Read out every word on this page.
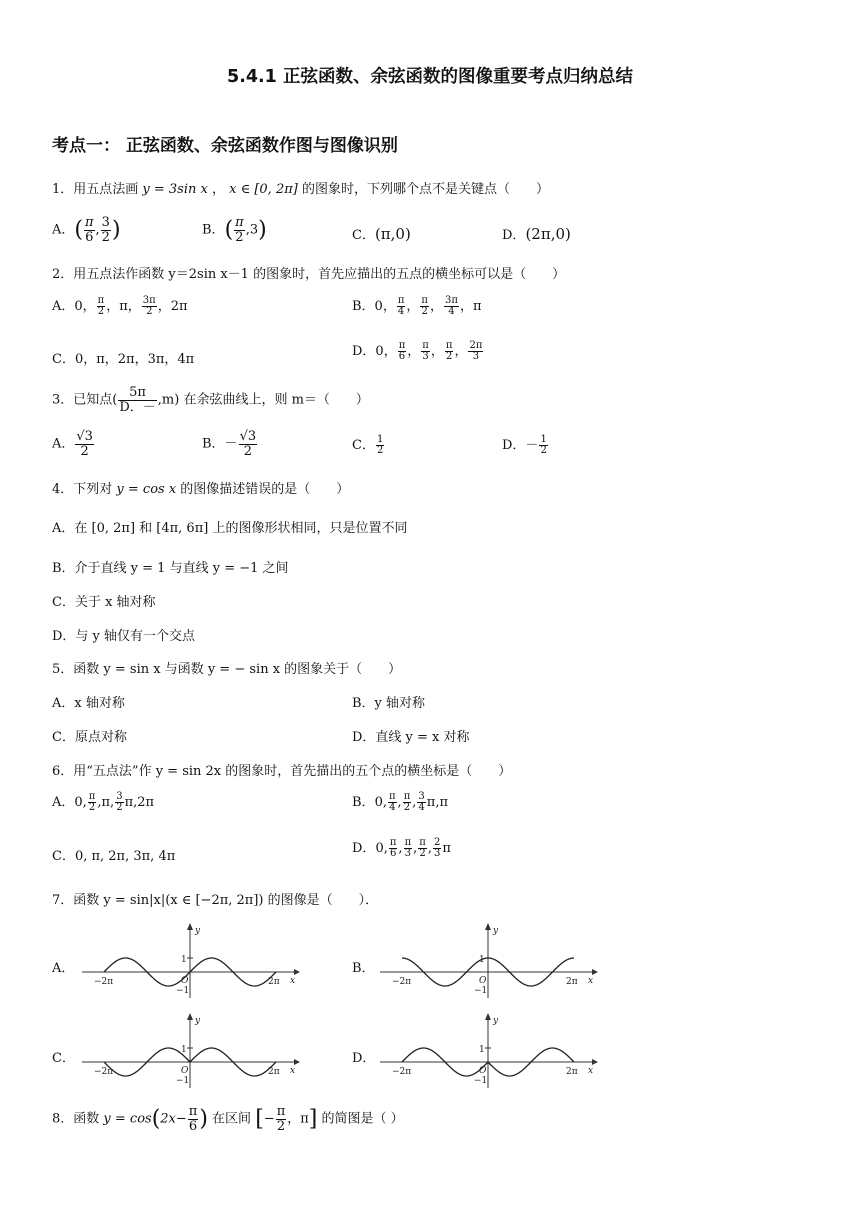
5.4.1 正弦函数、余弦函数的图像重要考点归纳总结
考点一： 正弦函数、余弦函数作图与图像识别
1．用五点法画 y = 3sin x ， x ∈ [0, 2π] 的图象时，下列哪个点不是关键点（　　）
A．( $\frac{\pi}{6}$ , $\frac{3}{2}$ )	B．( $\frac{\pi}{2} ,3$)	C．(π,0)	D．(2π,0)
2．用五点法作函数 y＝2sin x－1 的图象时，首先应描出的五点的横坐标可以是（　　）
A．0， $\frac{\pi}{2}$ ，π， $\frac{3\pi}{2}$ ，2π	B．0， $\frac{\pi}{4}$ ， $\frac{\pi}{2}$ ， $\frac{3\pi}{4}$ ，π
C．0，π，2π，3π，4π
D．0， $\frac{\pi}{6}$ ， $\frac{\pi}{3}$ ， $\frac{\pi}{2}$ ， $\frac{2\pi}{3}$
3．已知点( $\frac{5\pi}{D.-} ,m$) 在余弦曲线上，则 m＝（　　）
A． $\frac{√3}{2}$	B．－ $\frac{√3}{2}$	C． $\frac{1}{2}$	D．－ $\frac{1}{2}$
4．下列对 y = cos x 的图像描述错误的是（　　）
A．在 [0, 2π] 和 [4π, 6π] 上的图像形状相同，只是位置不同
B．介于直线 y = 1 与直线 y = −1 之间
C．关于 x 轴对称
D．与 y 轴仅有一个交点
5．函数 y = sin x 与函数 y = − sin x 的图象关于（　　）
A．x 轴对称	B．y 轴对称
C．原点对称	D．直线 y = x 对称
6．用“五点法”作 y = sin 2x 的图象时，首先描出的五个点的横坐标是（　　）
A．0, $\frac{\pi}{2} ,\pi$, $\frac{3}{2} \pi,2\pi$	B．0, $\frac{\pi}{4}$ , $\frac{\pi}{2}$ , $\frac{3}{4} \pi,\pi$
C．0, π, 2π, 3π, 4π
D．0, $\frac{\pi}{6}$ , $\frac{\pi}{3}$ , $\frac{\pi}{2}$ , $\frac{2}{3}$ π
7．函数 y = sin|x|(x ∈ [−2π, 2π]) 的图像是（　　）．
A．	B．
C．	D．
y
x
O
1
−1
−2π	2π
y
x
O
1
−1
−2π	2π
y
x
O
1
−1
−2π	2π
y
x
O
1
−1
−2π	2π
8．函数 $y = \cos(2x- \frac{\pi}{6}$ ) 在区间 [− $\frac{\pi}{2}$ ，π] 的简图是（ ）
